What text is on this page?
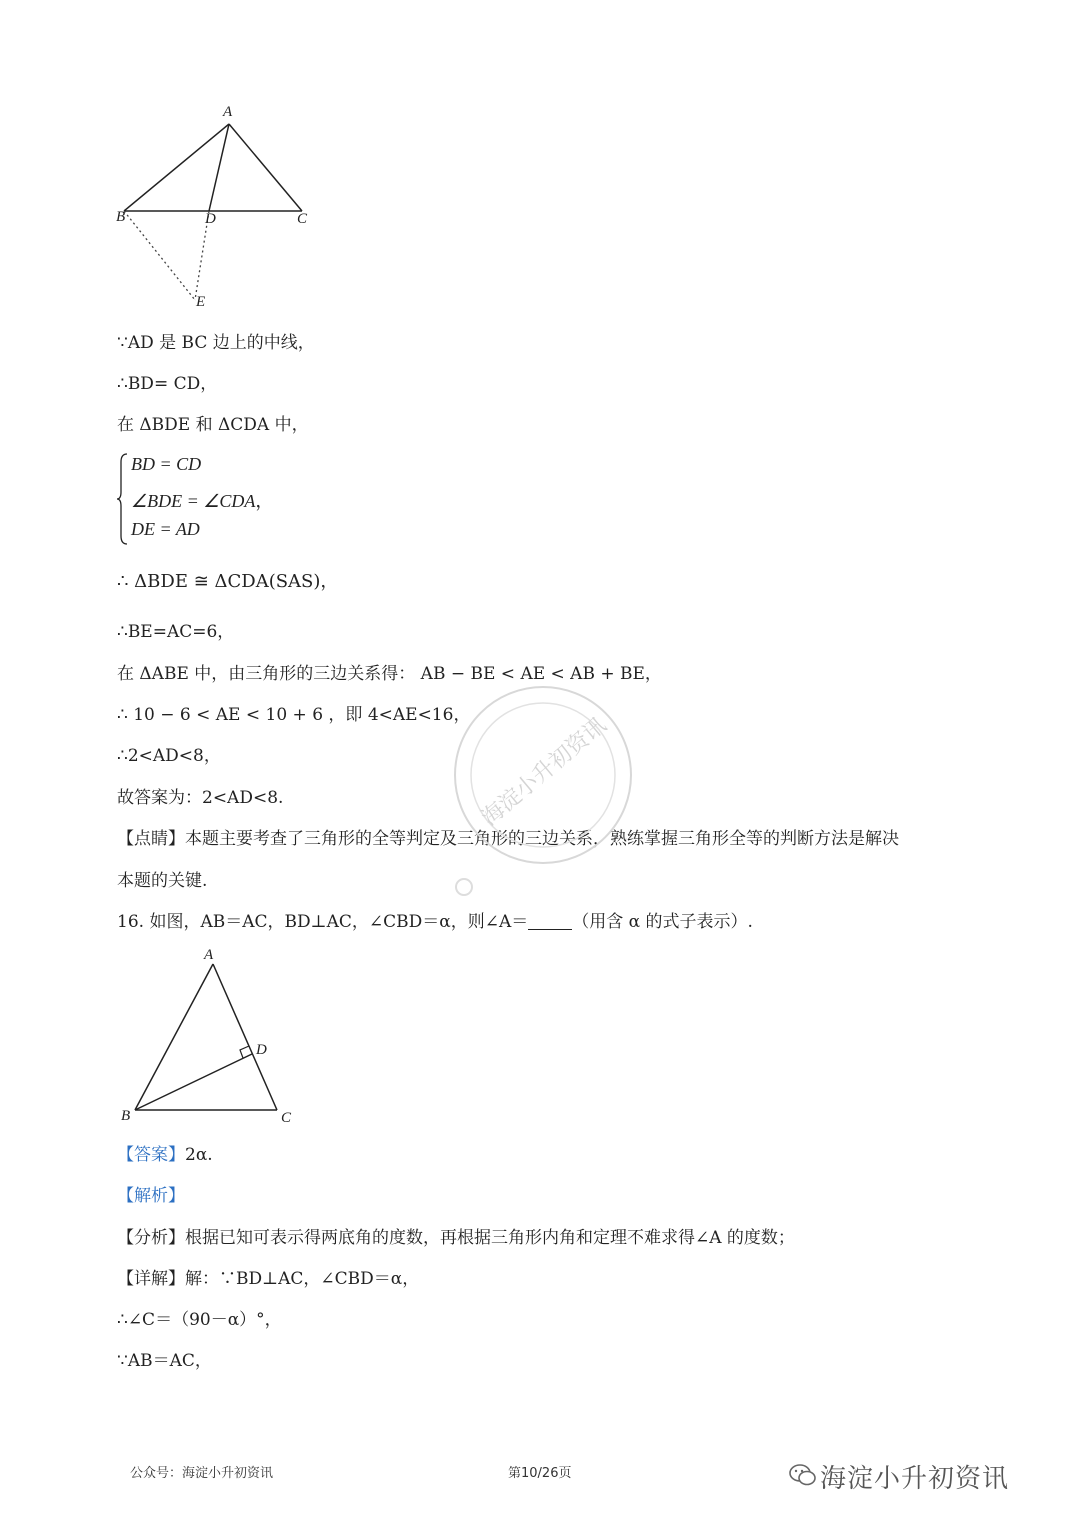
A
B	D	C
E
∵AD 是 BC 边上的中线，
∴BD= CD，
在 ΔBDE 和 ΔCDA 中，
BD = CD
∠BDE = ∠CDA，
DE = AD
∴ ΔBDE ≅ ΔCDA(SAS)，
∴BE=AC=6，
在 ΔABE 中，由三角形的三边关系得： AB − BE < AE < AB + BE，
∴ 10 − 6 < AE < 10 + 6 ，即 4<AE<16，
∴2<AD<8，
故答案为：2<AD<8.
【点睛】本题主要考查了三角形的全等判定及三角形的三边关系，熟练掌握三角形全等的判断方法是解决
本题的关键.
16. 如图，AB＝AC，BD⊥AC，∠CBD＝α，则∠A＝	（用含 α 的式子表示）.
A
D
B	C
【答案】2α.
【解析】
【分析】根据已知可表示得两底角的度数，再根据三角形内角和定理不难求得∠A 的度数；
【详解】解：∵BD⊥AC，∠CBD＝α，
∴∠C＝（90－α）°，
∵AB＝AC，
海淀小升初资讯
公众号：海淀小升初资讯	第10/26页	海淀小升初资讯
